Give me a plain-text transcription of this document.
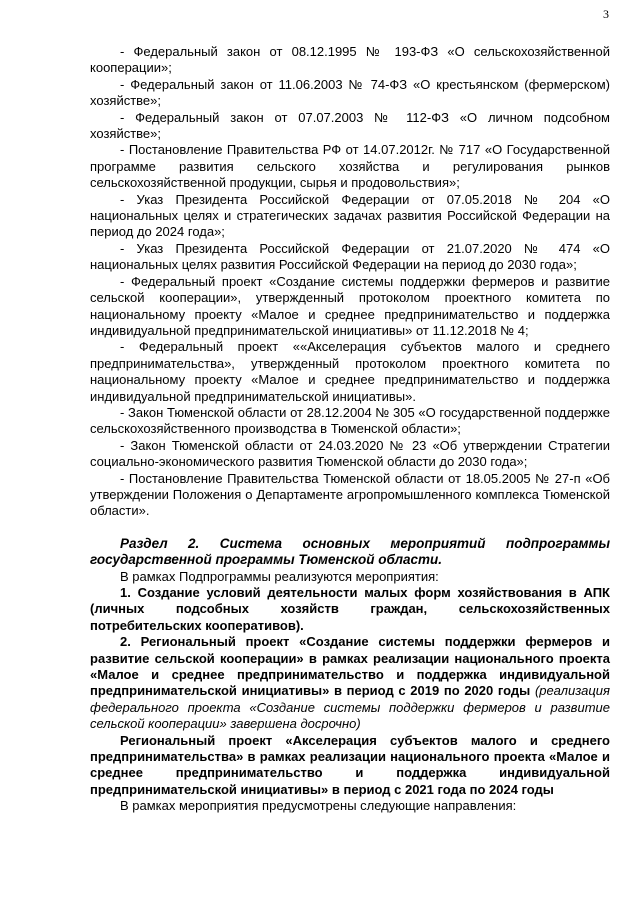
3

- Федеральный закон от 08.12.1995 № 193-ФЗ «О сельскохозяйственной кооперации»;

- Федеральный закон от 11.06.2003 № 74-ФЗ «О крестьянском (фермерском) хозяйстве»;

- Федеральный закон от 07.07.2003 № 112-ФЗ «О личном подсобном хозяйстве»;

- Постановление Правительства РФ от 14.07.2012г. № 717 «О Государственной программе развития сельского хозяйства и регулирования рынков сельскохозяйственной продукции, сырья и продовольствия»;

- Указ Президента Российской Федерации от 07.05.2018 № 204 «О национальных целях и стратегических задачах развития Российской Федерации на период до 2024 года»;

- Указ Президента Российской Федерации от 21.07.2020 № 474 «О национальных целях развития Российской Федерации на период до 2030 года»;

- Федеральный проект «Создание системы поддержки фермеров и развитие сельской кооперации», утвержденный протоколом проектного комитета по национальному проекту «Малое и среднее предпринимательство и поддержка индивидуальной предпринимательской инициативы» от 11.12.2018 № 4;

- Федеральный проект ««Акселерация субъектов малого и среднего предпринимательства», утвержденный протоколом проектного комитета по национальному проекту «Малое и среднее предпринимательство и поддержка индивидуальной предпринимательской инициативы».

- Закон Тюменской области от 28.12.2004 № 305 «О государственной поддержке сельскохозяйственного производства в Тюменской области»;

- Закон Тюменской области от 24.03.2020 № 23 «Об утверждении Стратегии социально-экономического развития Тюменской области до 2030 года»;

- Постановление Правительства Тюменской области от 18.05.2005 № 27-п «Об утверждении Положения о Департаменте агропромышленного комплекса Тюменской области».

Раздел 2. Система основных мероприятий подпрограммы государственной программы Тюменской области.

В рамках Подпрограммы реализуются мероприятия:

1. Создание условий деятельности малых форм хозяйствования в АПК (личных подсобных хозяйств граждан, сельскохозяйственных потребительских кооперативов).

2. Региональный проект «Создание системы поддержки фермеров и развитие сельской кооперации» в рамках реализации национального проекта «Малое и среднее предпринимательство и поддержка индивидуальной предпринимательской инициативы» в период с 2019 по 2020 годы (реализация федерального проекта «Создание системы поддержки фермеров и развитие сельской кооперации» завершена досрочно)

Региональный проект «Акселерация субъектов малого и среднего предпринимательства» в рамках реализации национального проекта «Малое и среднее предпринимательство и поддержка индивидуальной предпринимательской инициативы» в период с 2021 года по 2024 годы

В рамках мероприятия предусмотрены следующие направления:
